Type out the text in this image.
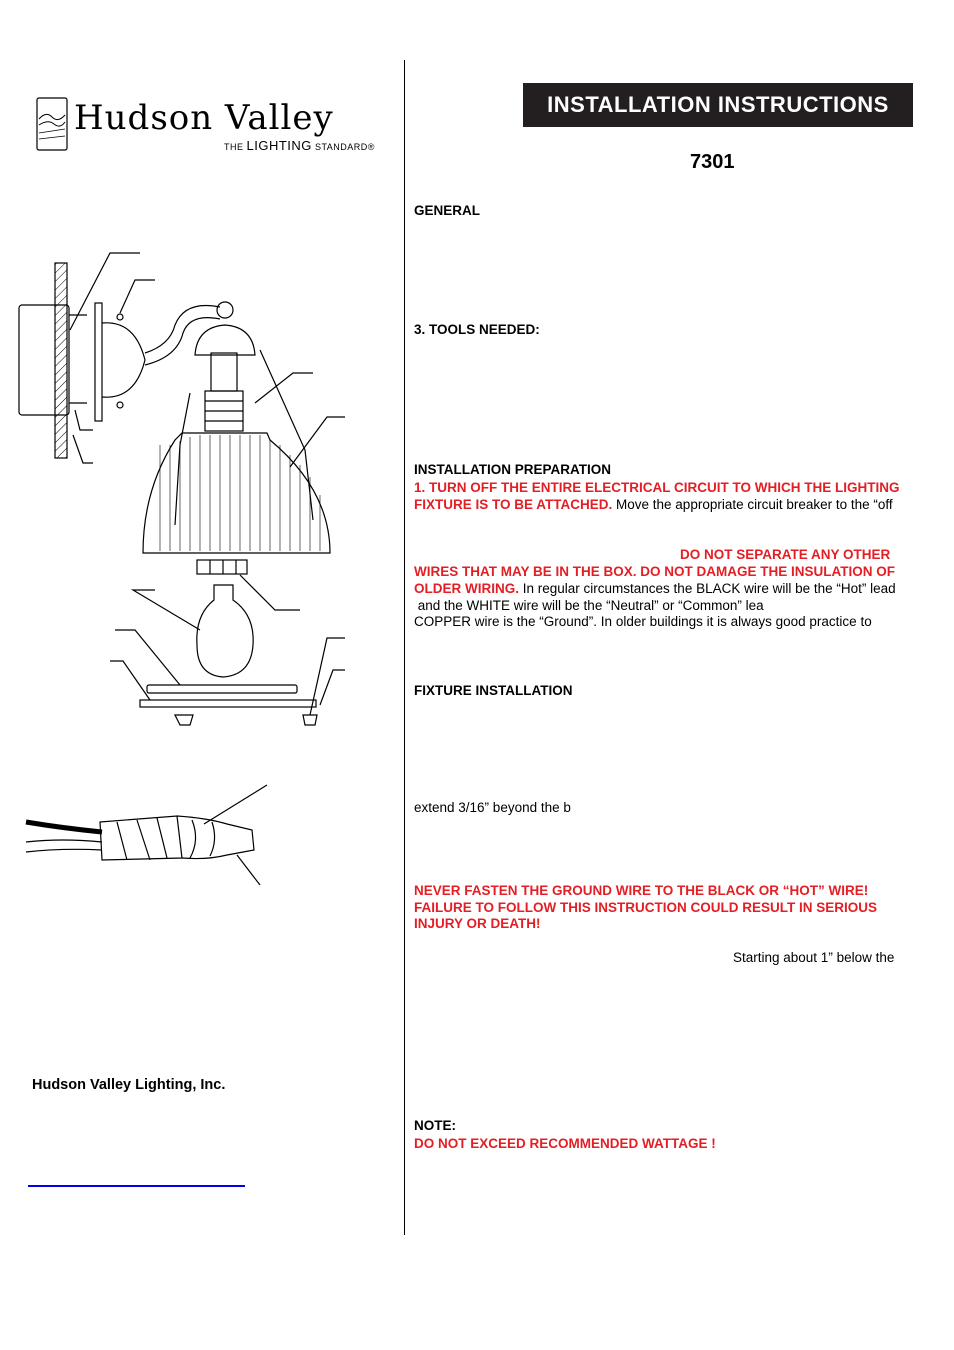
Hudson Valley
THE LIGHTING STANDARD®
Hudson Valley Lighting, Inc.
INSTALLATION INSTRUCTIONS
7301
GENERAL
3. TOOLS NEEDED:
INSTALLATION PREPARATION
1. TURN OFF THE ENTIRE ELECTRICAL CIRCUIT TO WHICH THE LIGHTING
FIXTURE IS TO BE ATTACHED. Move the appropriate circuit breaker to the “off
DO NOT SEPARATE ANY OTHER
WIRES THAT MAY BE IN THE BOX. DO NOT DAMAGE THE INSULATION OF
OLDER WIRING. In regular circumstances the BLACK wire will be the “Hot” lead
and the WHITE wire will be the “Neutral” or “Common” lea
COPPER wire is the “Ground”. In older buildings it is always good practice to
FIXTURE INSTALLATION
extend 3/16” beyond the b
NEVER FASTEN THE GROUND WIRE TO THE BLACK OR “HOT” WIRE!
FAILURE TO FOLLOW THIS INSTRUCTION COULD RESULT IN SERIOUS
INJURY OR DEATH!
Starting about 1” below the
NOTE:
DO NOT EXCEED RECOMMENDED WATTAGE !
